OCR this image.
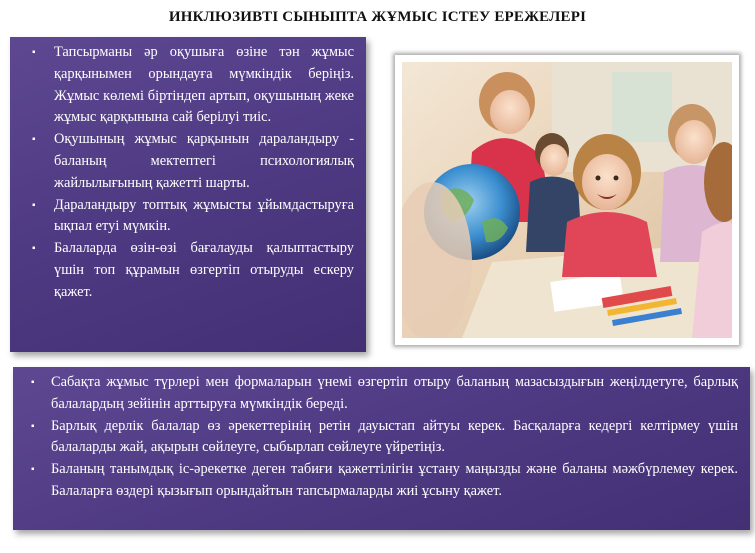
ИНКЛЮЗИВТІ СЫНЫПТА ЖҰМЫС ІСТЕУ ЕРЕЖЕЛЕРІ
▪ Тапсырманы әр оқушыға өзіне тән жұмыс қарқынымен орындауға мүмкіндік беріңіз. Жұмыс көлемі біртіндеп артып, оқушының жеке жұмыс қарқынына сай берілуі тиіс.
▪ Оқушының жұмыс қарқынын дараландыру - баланың мектептегі психологиялық жайлылығының қажетті шарты.
▪ Дараландыру топтық жұмысты ұйымдастыруға ықпал етуі мүмкін.
▪ Балаларда өзін-өзі бағалауды қалыптастыру үшін топ құрамын өзгертіп отыруды ескеру қажет.
▪ Сабақта жұмыс түрлері мен формаларын үнемі өзгертіп отыру баланың мазасыздығын жеңілдетуге, барлық балалардың зейінін арттыруға мүмкіндік береді.
▪ Барлық дерлік балалар өз әрекеттерінің ретін дауыстап айтуы керек. Басқаларға кедергі келтірмеу үшін балаларды жай, ақырын сөйлеуге, сыбырлап сөйлеуге үйретіңіз.
▪ Баланың танымдық іс-әрекетке деген табиғи қажеттілігін ұстану маңызды және баланы мәжбүрлемеу керек. Балаларға өздері қызығып орындайтын тапсырмаларды жиі ұсыну қажет.
